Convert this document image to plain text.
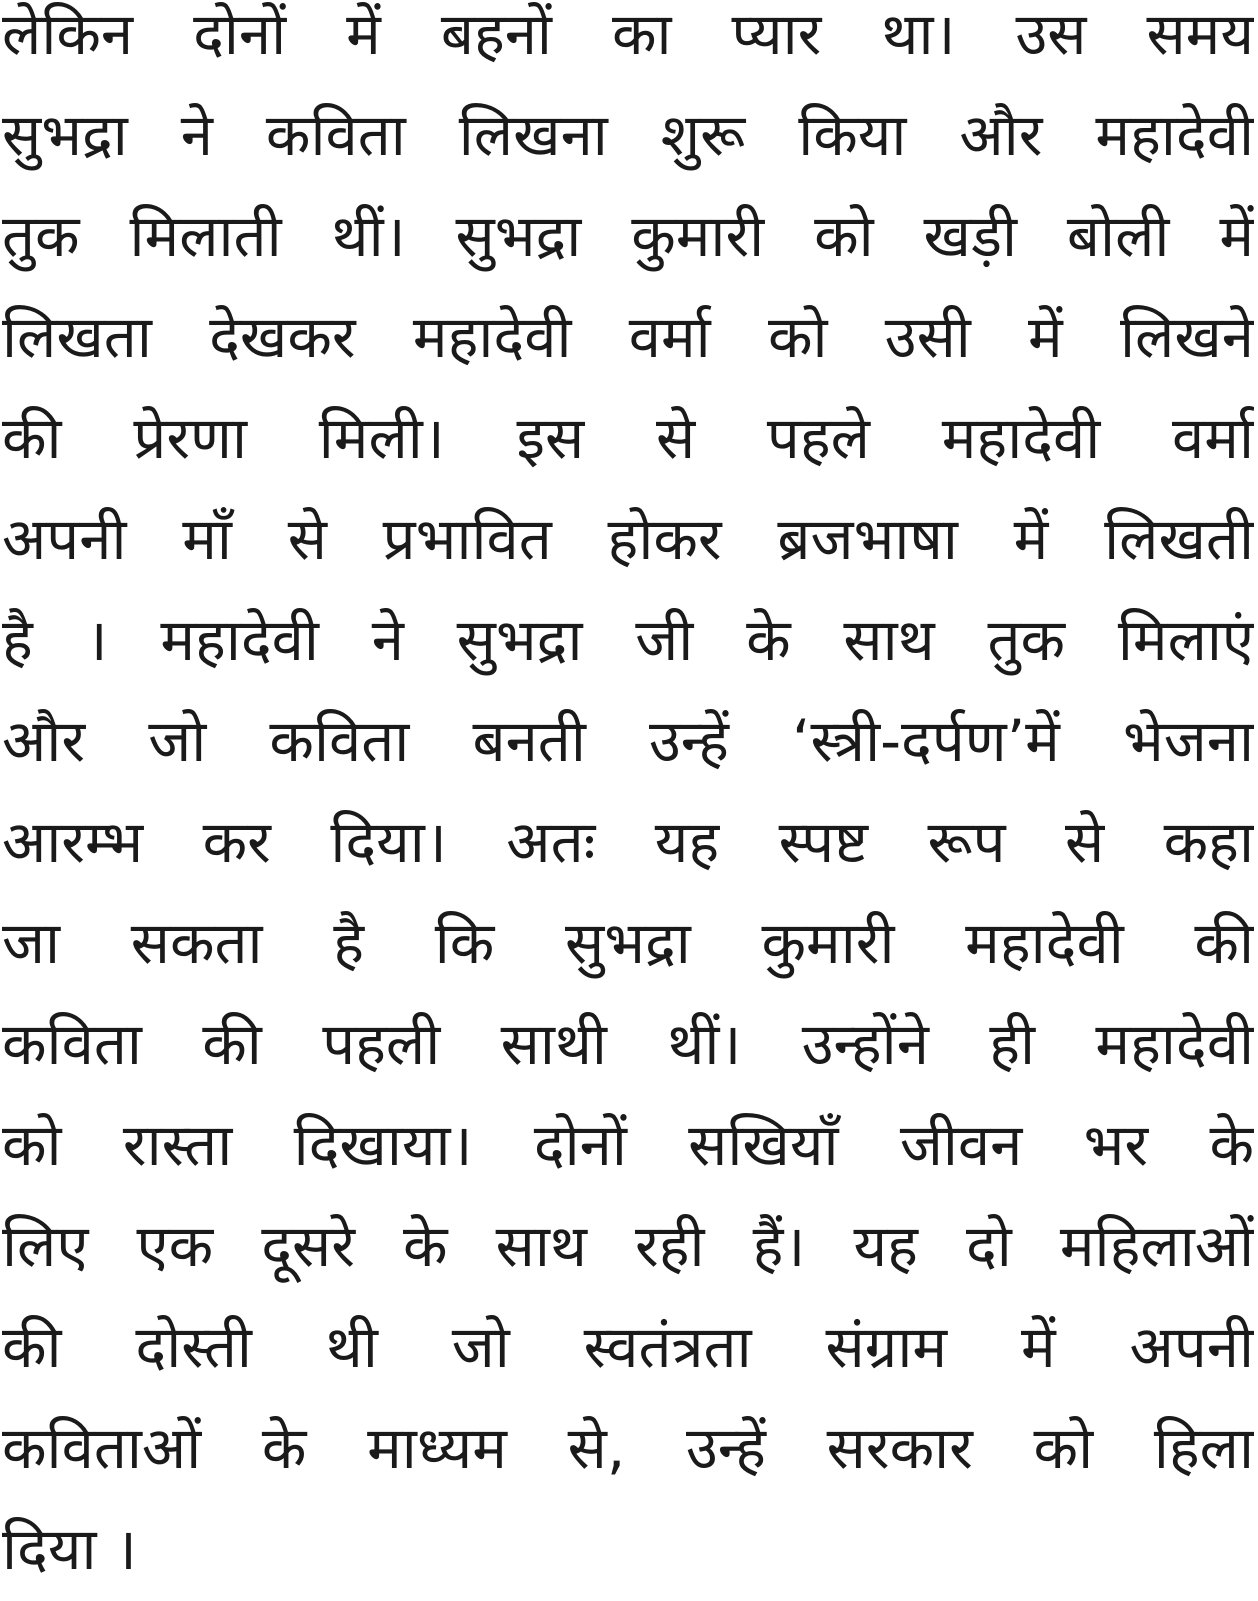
लेकिन दोनों में बहनों का प्यार था। उस समय
सुभद्रा ने कविता लिखना शुरू किया और महादेवी
तुक मिलाती थीं। सुभद्रा कुमारी को खड़ी बोली में
लिखता देखकर महादेवी वर्मा को उसी में लिखने
की प्रेरणा मिली। इस से पहले महादेवी वर्मा
अपनी माँ से प्रभावित होकर ब्रजभाषा में लिखती
है । महादेवी ने सुभद्रा जी के साथ तुक मिलाएं
और जो कविता बनती उन्हें ‘स्त्री-दर्पण’में भेजना
आरम्भ कर दिया। अतः यह स्पष्ट रूप से कहा
जा सकता है कि सुभद्रा कुमारी महादेवी की
कविता की पहली साथी थीं। उन्होंने ही महादेवी
को रास्ता दिखाया। दोनों सखियाँ जीवन भर के
लिए एक दूसरे के साथ रही हैं। यह दो महिलाओं
की दोस्ती थी जो स्वतंत्रता संग्राम में अपनी
कविताओं के माध्यम से, उन्हें सरकार को हिला
दिया ।
